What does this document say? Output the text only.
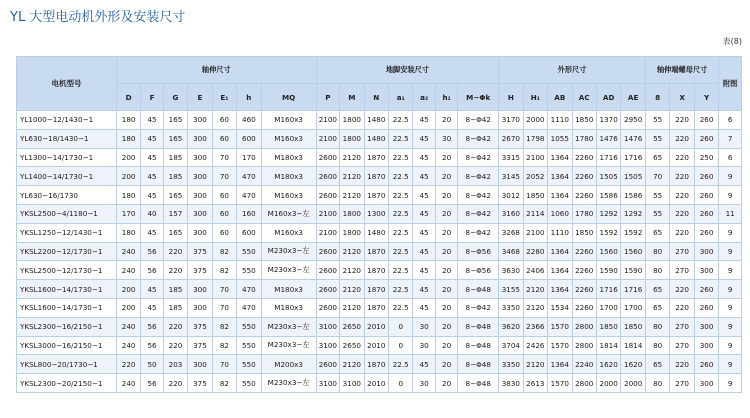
YL 大型电动机外形及安装尺寸
表(8)
电机型号	轴伸尺寸							地脚安装尺寸							外形尺寸						轴伸端螺母尺寸			附图
	D	F	G	E	E₁	h	MQ	P	M	N	a₁	a₂	h₁	M−Φk	H	H₁	AB	AC	AD	AE	8	X	Y	
YL1000−12/1430−1	180	45	165	300	60	460	M160x3	2100	1800	1480	22.5	45	20	8−Φ42	3170	2000	1110	1850	1370	2950	55	220	260	6
YL630−18/1430−1	180	45	165	300	60	600	M160x3	2100	1800	1480	22.5	45	30	8−Φ42	2670	1798	1055	1780	1476	1476	55	220	260	7
YL1300−14/1730−1	200	45	185	300	70	170	M180x3	2600	2120	1870	22.5	45	20	8−Φ42	3315	2100	1364	2260	1716	1716	65	220	250	6
YL1400−14/1730−1	200	45	185	300	70	470	M180x3	2600	2120	1870	22.5	45	20	8−Φ42	3145	2052	1364	2260	1505	1505	70	220	260	9
YL630−16/1730	180	45	165	300	60	470	M160x3	2600	2120	1870	22.5	45	20	8−Φ42	3012	1850	1364	2260	1586	1586	55	220	260	9
YKSL2500−4/1180−1	170	40	157	300	60	160	M160x3−左	2100	1800	1300	22.5	45	20	8−Φ42	3160	2114	1060	1780	1292	1292	55	220	260	11
YKSL1250−12/1430−1	180	45	165	300	60	600	M160x3	2100	1800	1480	22.5	45	20	8−Φ42	3268	2100	1110	1850	1592	1592	65	220	260	9
YKSL2200−12/1730−1	240	56	220	375	82	550	M230x3−左	2600	2120	1870	22.5	45	20	8−Φ56	3468	2280	1364	2260	1560	1560	80	270	300	9
YKSL2500−12/1730−1	240	56	220	375	82	550	M230x3−左	2600	2120	1870	22.5	45	20	8−Φ56	3630	2406	1364	2260	1590	1590	80	270	300	9
YKSL1600−14/1730−1	200	45	185	300	70	470	M180x3	2600	2120	1870	22.5	45	20	8−Φ48	3155	2120	1364	2260	1716	1716	65	220	260	9
YKSL1600−14/1730−1	200	45	185	300	70	470	M180x3	2600	2120	1870	22.5	45	20	8−Φ42	3350	2120	1534	2260	1700	1700	65	220	260	9
YKSL2300−16/2150−1	240	56	220	375	82	550	M230x3−左	3100	2650	2010	0	30	20	8−Φ48	3620	2366	1570	2800	1850	1850	80	270	300	9
YKSL3000−16/2150−1	240	56	220	375	82	550	M230x3−左	3100	2650	2010	0	30	20	8−Φ48	3704	2426	1570	2800	1814	1814	80	270	300	9
YKSL800−20/1730−1	220	50	203	300	70	550	M200x3	2600	2120	1870	22.5	45	20	8−Φ48	3350	2120	1364	2240	1620	1620	65	220	260	9
YKSL2300−20/2150−1	240	56	220	375	82	550	M230x3−左	3100	3100	2010	0	30	20	8−Φ48	3830	2613	1570	2800	2000	2000	80	270	300	9
